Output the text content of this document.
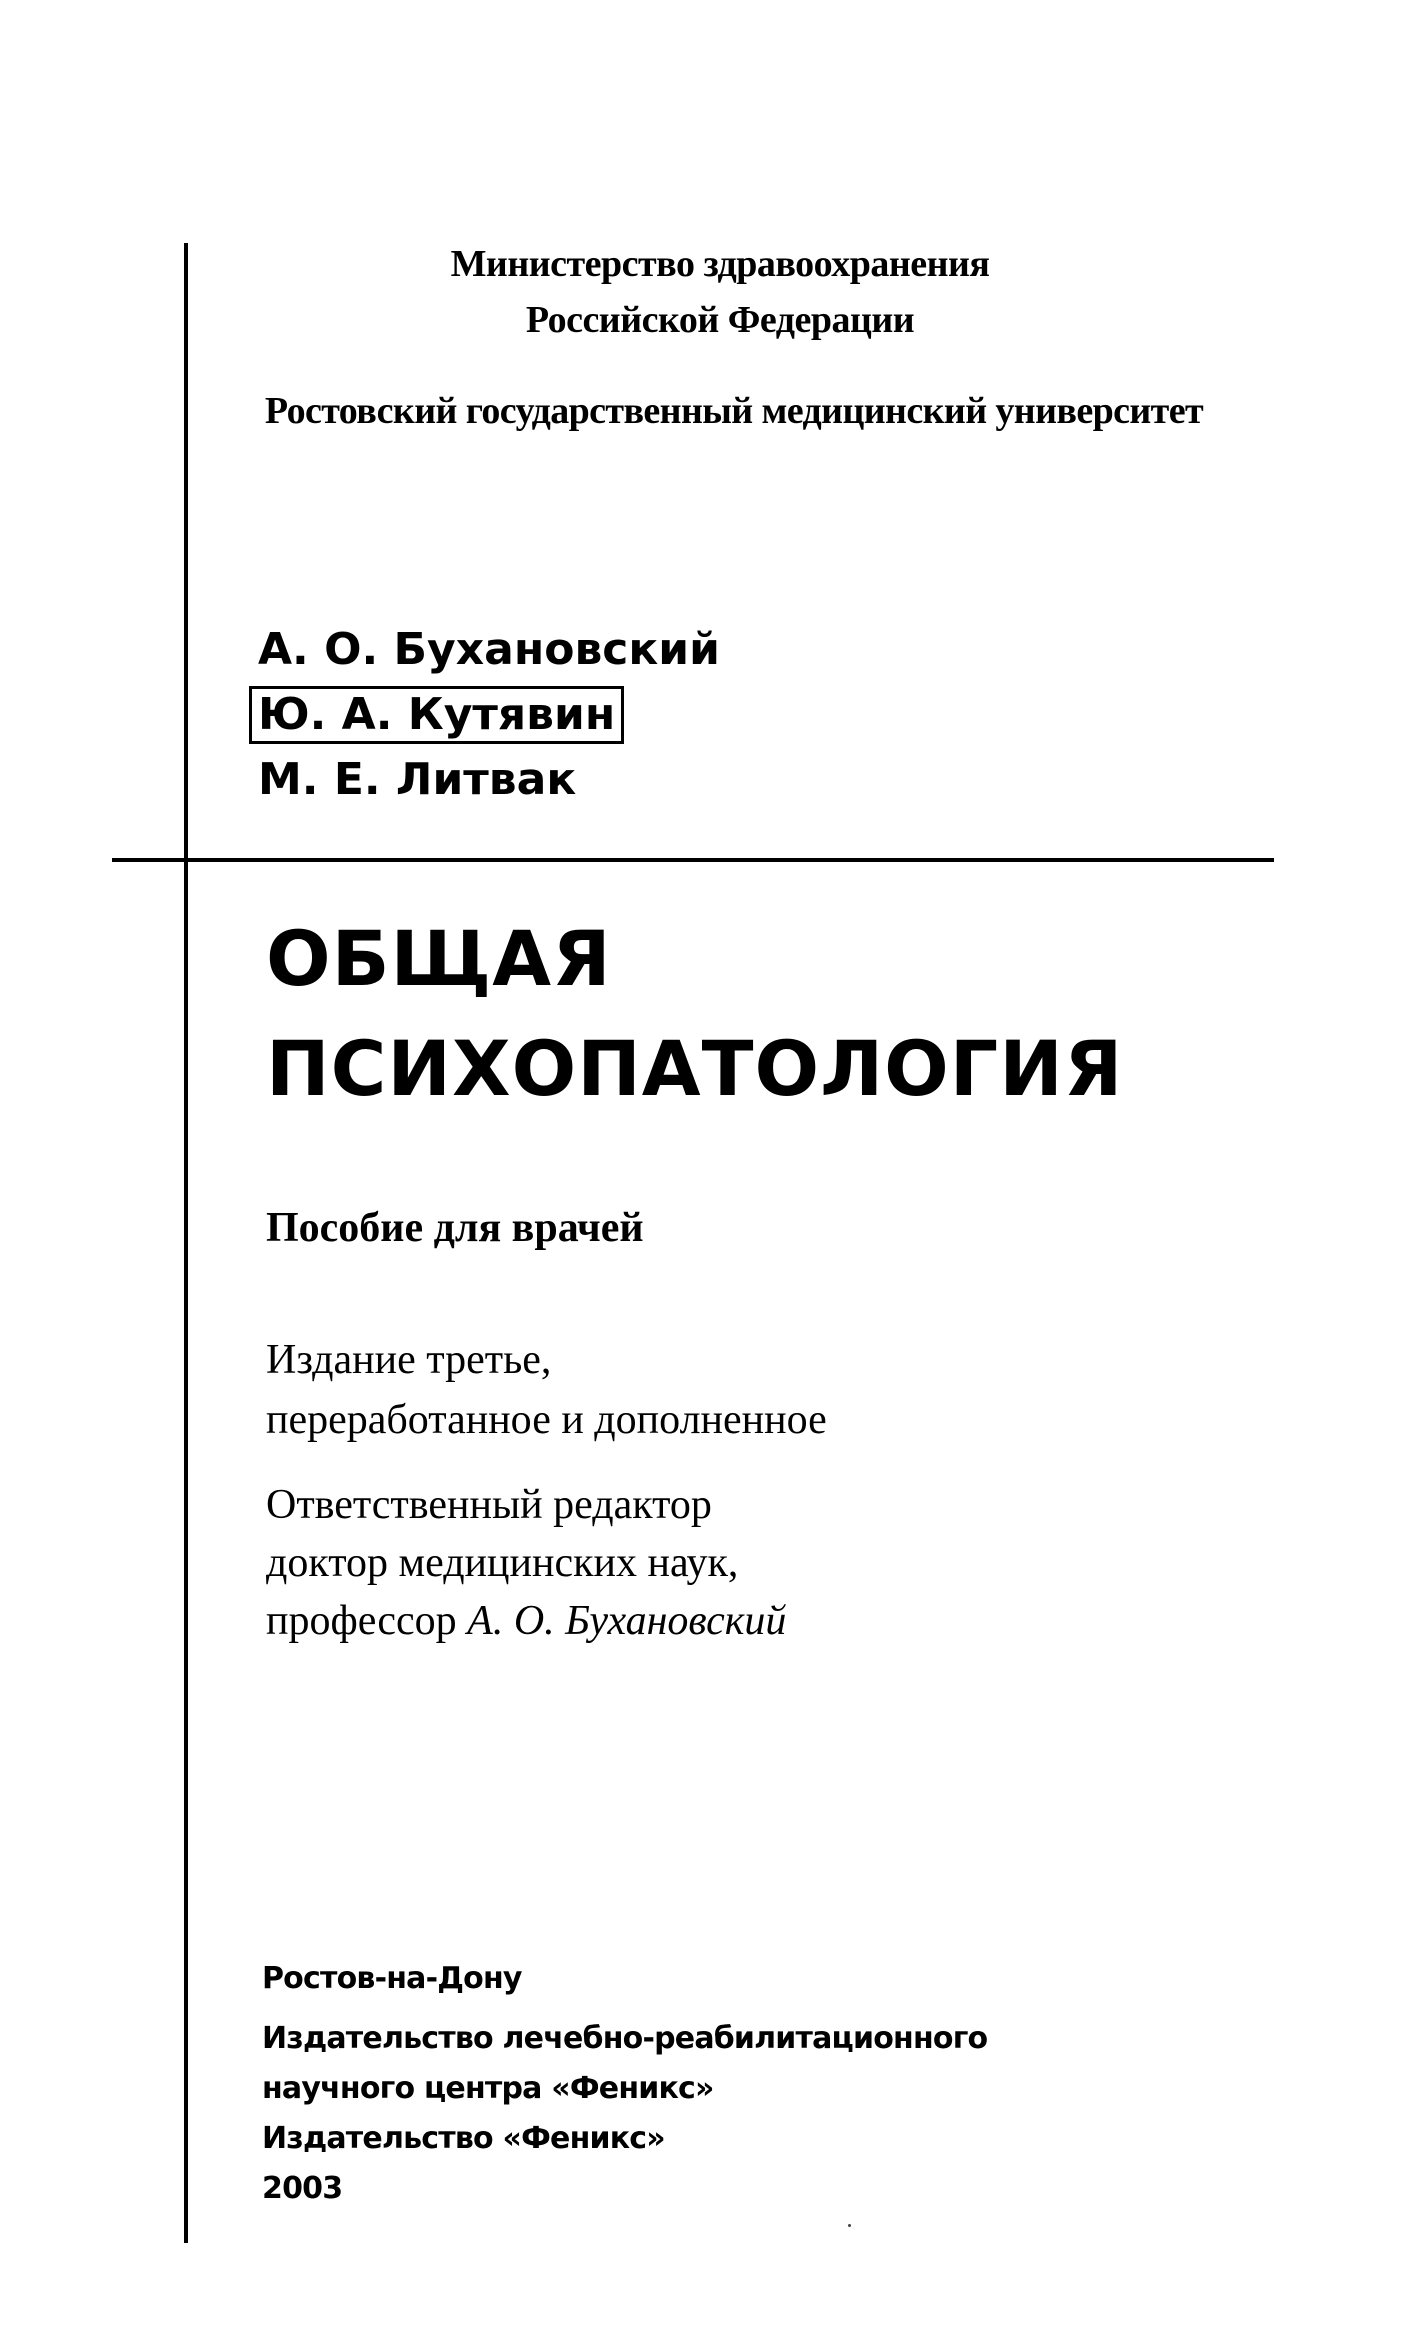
Министерство здравоохранения
Российской Федерации
Ростовский государственный медицинский университет
А. О. Бухановский
Ю. А. Кутявин
М. Е. Литвак
ОБЩАЯ
ПСИХОПАТОЛОГИЯ
Пособие для врачей
Издание третье,
переработанное и дополненное
Ответственный редактор
доктор медицинских наук,
профессор А. О. Бухановский
Ростов-на-Дону
Издательство лечебно-реабилитационного
научного центра «Феникс»
Издательство «Феникс»
2003
